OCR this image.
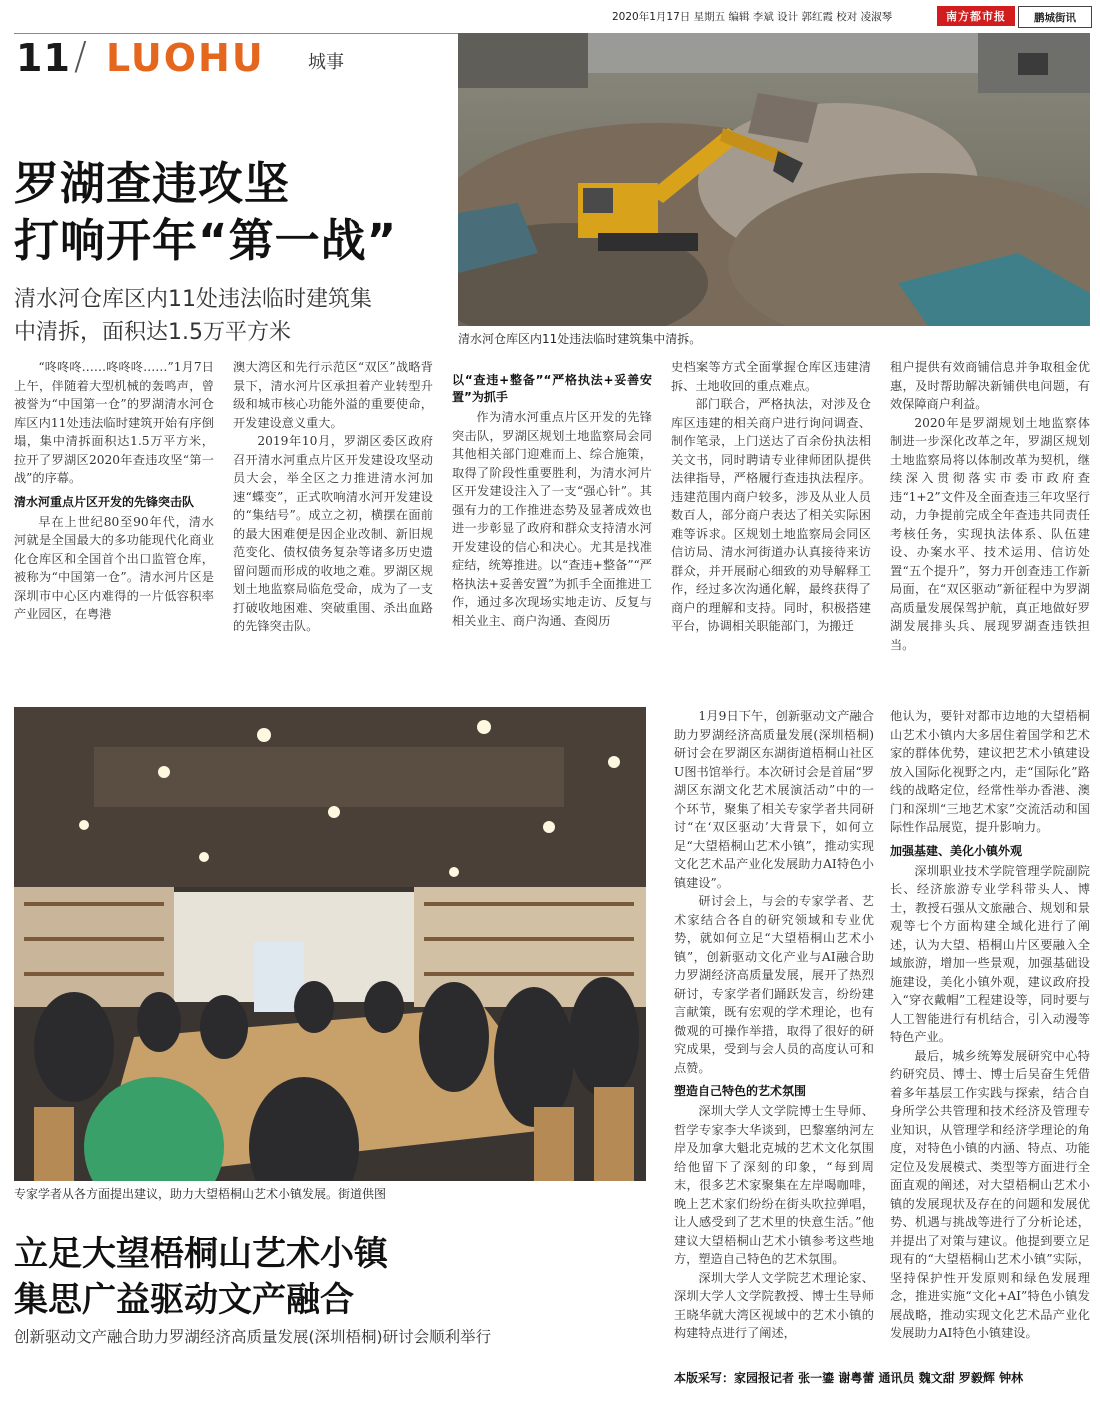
2020年1月17日 星期五 编辑 李斌 设计 郭红霞 校对 凌淑琴	南方都市报	鹏城街讯
11 / LUOHU 城事
罗湖查违攻坚
打响开年“第一战”
清水河仓库区内11处违法临时建筑集
中清拆，面积达1.5万平方米	清水河仓库区内11处违法临时建筑集中清拆。

“咚咚咚……咚咚咚……”1月7日上午，伴随着大型机械的轰鸣声，曾被誉为“中国第一仓”的罗湖清水河仓库区内11处违法临时建筑开始有序倒塌，集中清拆面积达1.5万平方米，拉开了罗湖区2020年查违攻坚“第一战”的序幕。

清水河重点片区开发的先锋突击队

早在上世纪80至90年代，清水河就是全国最大的多功能现代化商业化仓库区和全国首个出口监管仓库，被称为“中国第一仓”。清水河片区是深圳市中心区内难得的一片低容积率产业园区，在粤港

澳大湾区和先行示范区“双区”战略背景下，清水河片区承担着产业转型升级和城市核心功能外溢的重要使命，开发建设意义重大。

2019年10月，罗湖区委区政府召开清水河重点片区开发建设攻坚动员大会，举全区之力推进清水河加速“蝶变”，正式吹响清水河开发建设的“集结号”。成立之初，横摆在面前的最大困难便是因企业改制、新旧规范变化、债权债务复杂等诸多历史遗留问题而形成的收地之难。罗湖区规划土地监察局临危受命，成为了一支打破收地困难、突破重围、杀出血路的先锋突击队。

以“查违+整备”“严格执法+妥善安置”为抓手

作为清水河重点片区开发的先锋突击队，罗湖区规划土地监察局会同其他相关部门迎难而上、综合施策，取得了阶段性重要胜利，为清水河片区开发建设注入了一支“强心针”。其强有力的工作推进态势及显著成效也进一步彰显了政府和群众支持清水河开发建设的信心和决心。尤其是找准症结，统筹推进。以“查违+整备”“严格执法+妥善安置”为抓手全面推进工作，通过多次现场实地走访、反复与相关业主、商户沟通、查阅历

史档案等方式全面掌握仓库区违建清拆、土地收回的重点难点。

部门联合，严格执法，对涉及仓库区违建的相关商户进行询问调查、制作笔录，上门送达了百余份执法相关文书，同时聘请专业律师团队提供法律指导，严格履行查违执法程序。违建范围内商户较多，涉及从业人员数百人，部分商户表达了相关实际困难等诉求。区规划土地监察局会同区信访局、清水河街道办认真接待来访群众，并开展耐心细致的劝导解释工作，经过多次沟通化解，最终获得了商户的理解和支持。同时，积极搭建平台，协调相关职能部门，为搬迁

租户提供有效商铺信息并争取租金优惠，及时帮助解决新铺供电问题，有效保障商户利益。

2020年是罗湖规划土地监察体制进一步深化改革之年，罗湖区规划土地监察局将以体制改革为契机，继续深入贯彻落实市委市政府查违“1+2”文件及全面查违三年攻坚行动，力争提前完成全年查违共同责任考核任务，实现执法体系、队伍建设、办案水平、技术运用、信访处置“五个提升”，努力开创查违工作新局面，在“双区驱动”新征程中为罗湖高质量发展保驾护航，真正地做好罗湖发展排头兵、展现罗湖查违铁担当。

专家学者从各方面提出建议，助力大望梧桐山艺术小镇发展。街道供图
立足大望梧桐山艺术小镇
集思广益驱动文产融合
创新驱动文产融合助力罗湖经济高质量发展(深圳梧桐)研讨会顺利举行

1月9日下午，创新驱动文产融合助力罗湖经济高质量发展(深圳梧桐)研讨会在罗湖区东湖街道梧桐山社区U图书馆举行。本次研讨会是首届“罗湖区东湖文化艺术展演活动”中的一个环节，聚集了相关专家学者共同研讨“在‘双区驱动’大背景下，如何立足“大望梧桐山艺术小镇”，推动实现文化艺术品产业化发展助力AI特色小镇建设”。

研讨会上，与会的专家学者、艺术家结合各自的研究领域和专业优势，就如何立足“大望梧桐山艺术小镇”，创新驱动文化产业与AI融合助力罗湖经济高质量发展，展开了热烈研讨，专家学者们踊跃发言，纷纷建言献策，既有宏观的学术理论，也有微观的可操作举措，取得了很好的研究成果，受到与会人员的高度认可和点赞。

塑造自己特色的艺术氛围

深圳大学人文学院博士生导师、哲学专家李大华谈到，巴黎塞纳河左岸及加拿大魁北克城的艺术文化氛围给他留下了深刻的印象，“每到周末，很多艺术家聚集在左岸喝咖啡，晚上艺术家们纷纷在街头吹拉弹唱，让人感受到了艺术里的快意生活。”他建议大望梧桐山艺术小镇参考这些地方，塑造自己特色的艺术氛围。

深圳大学人文学院艺术理论家、深圳大学人文学院教授、博士生导师王晓华就大湾区视域中的艺术小镇的构建特点进行了阐述，

他认为，要针对都市边地的大望梧桐山艺术小镇内大多居住着国学和艺术家的群体优势，建议把艺术小镇建设放入国际化视野之内，走“国际化”路线的战略定位，经常性举办香港、澳门和深圳“三地艺术家”交流活动和国际性作品展览，提升影响力。

加强基建、美化小镇外观

深圳职业技术学院管理学院副院长、经济旅游专业学科带头人、博士，教授石强从文旅融合、规划和景观等七个方面构建全域化进行了阐述，认为大望、梧桐山片区要融入全域旅游，增加一些景观，加强基础设施建设，美化小镇外观，建议政府投入“穿衣戴帽”工程建设等，同时要与人工智能进行有机结合，引入动漫等特色产业。

最后，城乡统筹发展研究中心特约研究员、博士、博士后吴奋生凭借着多年基层工作实践与探索，结合自身所学公共管理和技术经济及管理专业知识，从管理学和经济学理论的角度，对特色小镇的内涵、特点、功能定位及发展模式、类型等方面进行全面直观的阐述，对大望梧桐山艺术小镇的发展现状及存在的问题和发展优势、机遇与挑战等进行了分析论述，并提出了对策与建议。他提到要立足现有的“大望梧桐山艺术小镇”实际，坚持保护性开发原则和绿色发展理念，推进实施“文化+AI”特色小镇发展战略，推动实现文化艺术品产业化发展助力AI特色小镇建设。

本版采写：家园报记者 张一鎏 谢粤蕾 通讯员 魏文甜 罗毅辉 钟林
